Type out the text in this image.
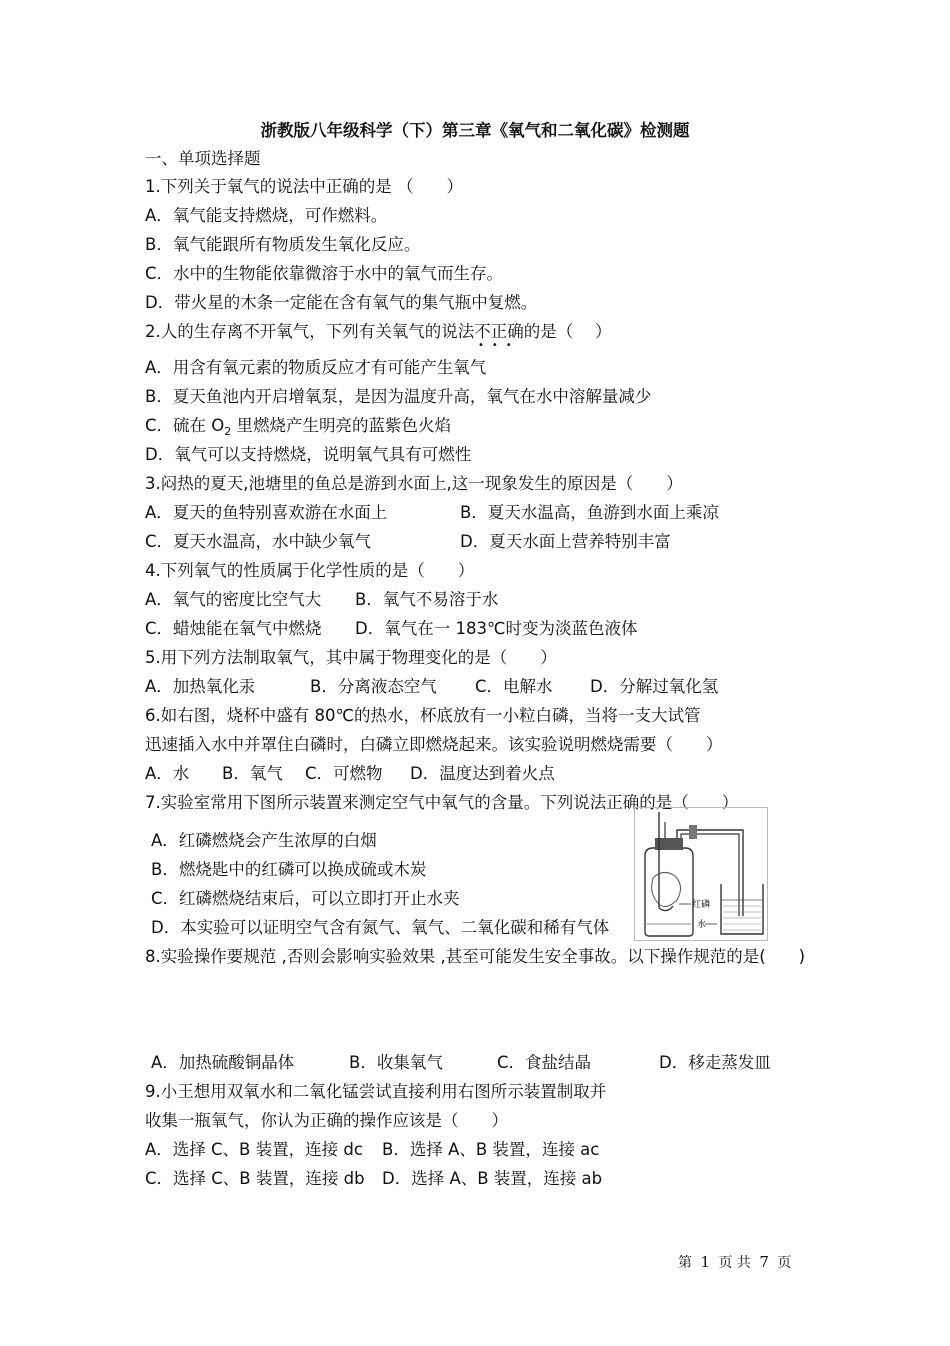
浙教版八年级科学（下）第三章《氧气和二氧化碳》检测题
一、单项选择题
1.下列关于氧气的说法中正确的是 （　　）
A．氧气能支持燃烧，可作燃料。
B．氧气能跟所有物质发生氧化反应。
C．水中的生物能依靠微溶于水中的氧气而生存。
D．带火星的木条一定能在含有氧气的集气瓶中复燃。
2.人的生存离不开氧气，下列有关氧气的说法不正确的是（　 ）
•••
A．用含有氧元素的物质反应才有可能产生氧气
B．夏天鱼池内开启增氧泵，是因为温度升高，氧气在水中溶解量减少
C．硫在 $O_2$ 里燃烧产生明亮的蓝紫色火焰
D．氧气可以支持燃烧，说明氧气具有可燃性
3.闷热的夏天,池塘里的鱼总是游到水面上,这一现象发生的原因是（　　）
A．夏天的鱼特别喜欢游在水面上	B．夏天水温高，鱼游到水面上乘凉
C．夏天水温高，水中缺少氧气	D．夏天水面上营养特别丰富
4.下列氧气的性质属于化学性质的是（　　）
A．氧气的密度比空气大 B．氧气不易溶于水
C．蜡烛能在氧气中燃烧 D．氧气在一 183℃时变为淡蓝色液体
5.用下列方法制取氧气，其中属于物理变化的是（　　）
A．加热氧化汞	B．分离液态空气 C．电解水 D．分解过氧化氢
6.如右图，烧杯中盛有 80℃的热水，杯底放有一小粒白磷，当将一支大试管
迅速插入水中并罩住白磷时，白磷立即燃烧起来。该实验说明燃烧需要（　　）
A．水 B．氧气 C．可燃物 D．温度达到着火点
7.实验室常用下图所示装置来测定空气中氧气的含量。下列说法正确的是（　　）
A．红磷燃烧会产生浓厚的白烟
B．燃烧匙中的红磷可以换成硫或木炭
C．红磷燃烧结束后，可以立即打开止水夹
D．本实验可以证明空气含有氮气、氧气、二氧化碳和稀有气体
红磷
水
8.实验操作要规范 ,否则会影响实验效果 ,甚至可能发生安全事故。以下操作规范的是(　　)
A．加热硫酸铜晶体	B．收集氧气	C．食盐结晶	D．移走蒸发皿
9.小王想用双氧水和二氧化锰尝试直接利用右图所示装置制取并
收集一瓶氧气，你认为正确的操作应该是（　　）
A．选择 C、B 装置，连接 dc B．选择 A、B 装置，连接 ac
C．选择 C、B 装置，连接 db D．选择 A、B 装置，连接 ab
第 1 页 共 7 页
